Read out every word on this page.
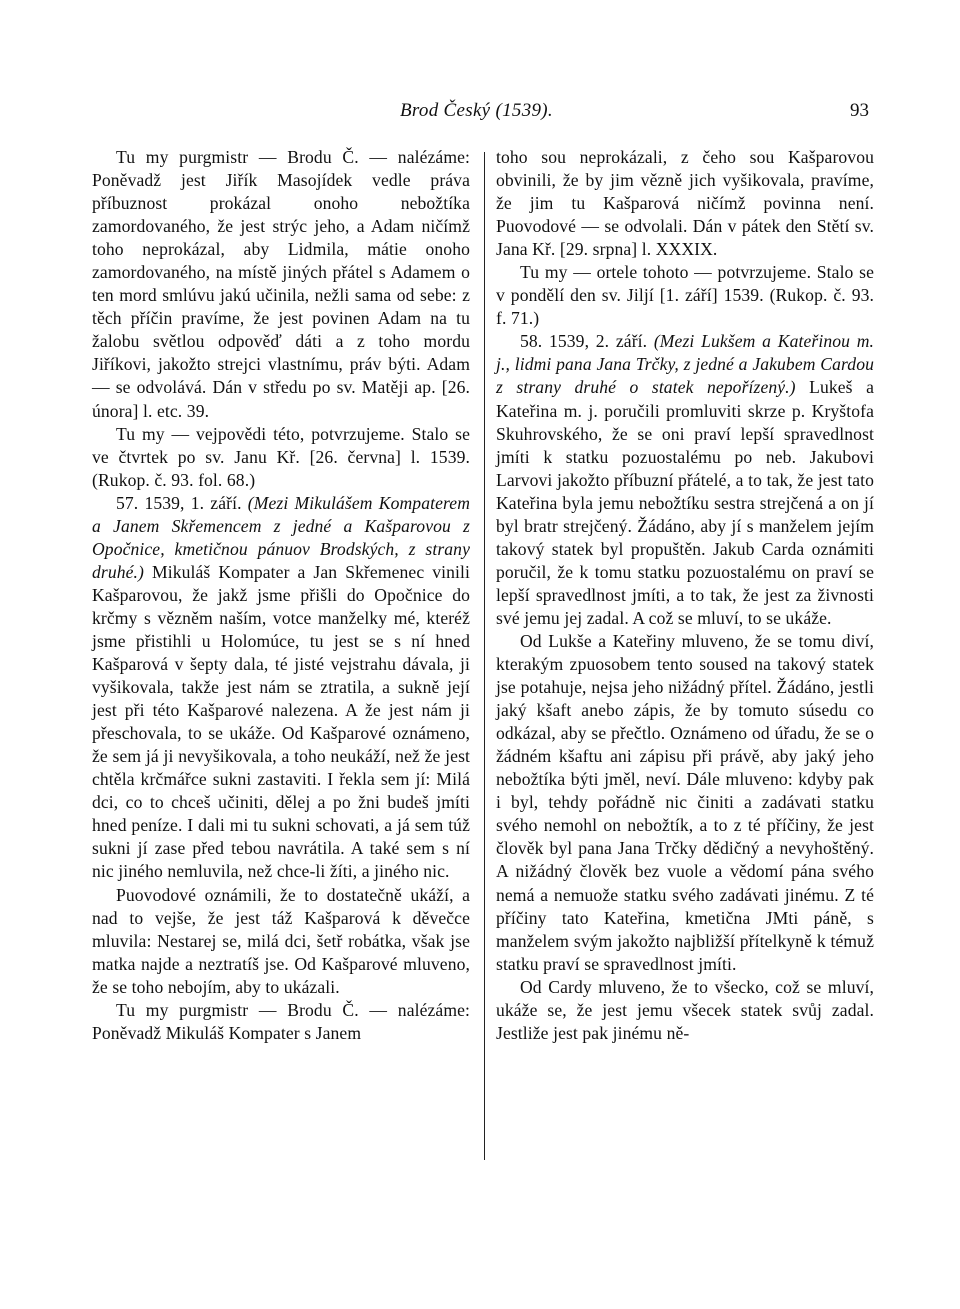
Brod Český (1539).	93

Tu my purgmistr — Brodu Č. — nalézáme: Poněvadž jest Jiřík Masojídek vedle práva příbuznost prokázal onoho nebožtíka zamordovaného, že jest strýc jeho, a Adam ničímž toho neprokázal, aby Lidmila, mátie onoho zamordovaného, na místě jiných přátel s Adamem o ten mord smlúvu jakú učinila, nežli sama od sebe: z těch příčin pravíme, že jest povinen Adam na tu žalobu světlou odpověď dáti a z toho mordu Jiříkovi, jakožto strejci vlastnímu, práv býti. Adam — se odvolává. Dán v středu po sv. Matěji ap. [26. února] l. etc. 39.

Tu my — vejpovědi této, potvrzujeme. Stalo se ve čtvrtek po sv. Janu Kř. [26. června] l. 1539. (Rukop. č. 93. fol. 68.)

57. 1539, 1. září. (Mezi Mikulášem Kompaterem a Janem Skřemencem z jedné a Kašparovou z Opočnice, kmetičnou pánuov Brodských, z strany druhé.) Mikuláš Kompater a Jan Skřemenec vinili Kašparovou, že jakž jsme přišli do Opočnice do krčmy s vězněm naším, votce manželky mé, kteréž jsme přistihli u Holomúce, tu jest se s ní hned Kašparová v šepty dala, té jisté vejstrahu dávala, ji vyšikovala, takže jest nám se ztratila, a sukně její jest při této Kašparové nalezena. A že jest nám ji přeschovala, to se ukáže. Od Kašparové oznámeno, že sem já ji nevyšikovala, a toho neukáží, než že jest chtěla krčmářce sukni zastaviti. I řekla sem jí: Milá dci, co to chceš učiniti, dělej a po žni budeš jmíti hned peníze. I dali mi tu sukni schovati, a já sem túž sukni jí zase před tebou navrátila. A také sem s ní nic jiného nemluvila, než chce-li žíti, a jiného nic.

Puovodové oznámili, že to dostatečně ukáží, a nad to vejše, že jest táž Kašparová k děvečce mluvila: Nestarej se, milá dci, šetř robátka, však jse matka najde a neztratíš jse. Od Kašparové mluveno, že se toho nebojím, aby to ukázali.

Tu my purgmistr — Brodu Č. — nalézáme: Poněvadž Mikuláš Kompater s Janem

toho sou neprokázali, z čeho sou Kašparovou obvinili, že by jim vězně jich vyšikovala, pravíme, že jim tu Kašparová ničímž povinna není. Puovodové — se odvolali. Dán v pátek den Stětí sv. Jana Kř. [29. srpna] l. XXXIX.

Tu my — ortele tohoto — potvrzujeme. Stalo se v pondělí den sv. Jiljí [1. září] 1539. (Rukop. č. 93. f. 71.)

58. 1539, 2. září. (Mezi Lukšem a Kateřinou m. j., lidmi pana Jana Trčky, z jedné a Jakubem Cardou z strany druhé o statek nepořízený.) Lukeš a Kateřina m. j. poručili promluviti skrze p. Kryštofa Skuhrovského, že se oni praví lepší spravedlnost jmíti k statku pozuostalému po neb. Jakubovi Larvovi jakožto příbuzní přátelé, a to tak, že jest tato Kateřina byla jemu nebožtíku sestra strejčená a on jí byl bratr strejčený. Žádáno, aby jí s manželem jejím takový statek byl propuštěn. Jakub Carda oznámiti poručil, že k tomu statku pozuostalému on praví se lepší spravedlnost jmíti, a to tak, že jest za živnosti své jemu jej zadal. A což se mluví, to se ukáže.

Od Lukše a Kateřiny mluveno, že se tomu diví, kterakým zpuosobem tento soused na takový statek jse potahuje, nejsa jeho nižádný přítel. Žádáno, jestli jaký kšaft anebo zápis, že by tomuto súsedu co odkázal, aby se přečtlo. Oznámeno od úřadu, že se o žádném kšaftu ani zápisu při právě, aby jaký jeho nebožtíka býti jměl, neví. Dále mluveno: kdyby pak i byl, tehdy pořádně nic činiti a zadávati statku svého nemohl on nebožtík, a to z té příčiny, že jest člověk byl pana Jana Trčky dědičný a nevyhoštěný. A nižádný člověk bez vuole a vědomí pána svého nemá a nemuože statku svého zadávati jinému. Z té příčiny tato Kateřina, kmetična JMti páně, s manželem svým jakožto najbližší přítelkyně k témuž statku praví se spravedlnost jmíti.

Od Cardy mluveno, že to všecko, což se mluví, ukáže se, že jest jemu všecek statek svůj zadal. Jestliže jest pak jinému ně-
